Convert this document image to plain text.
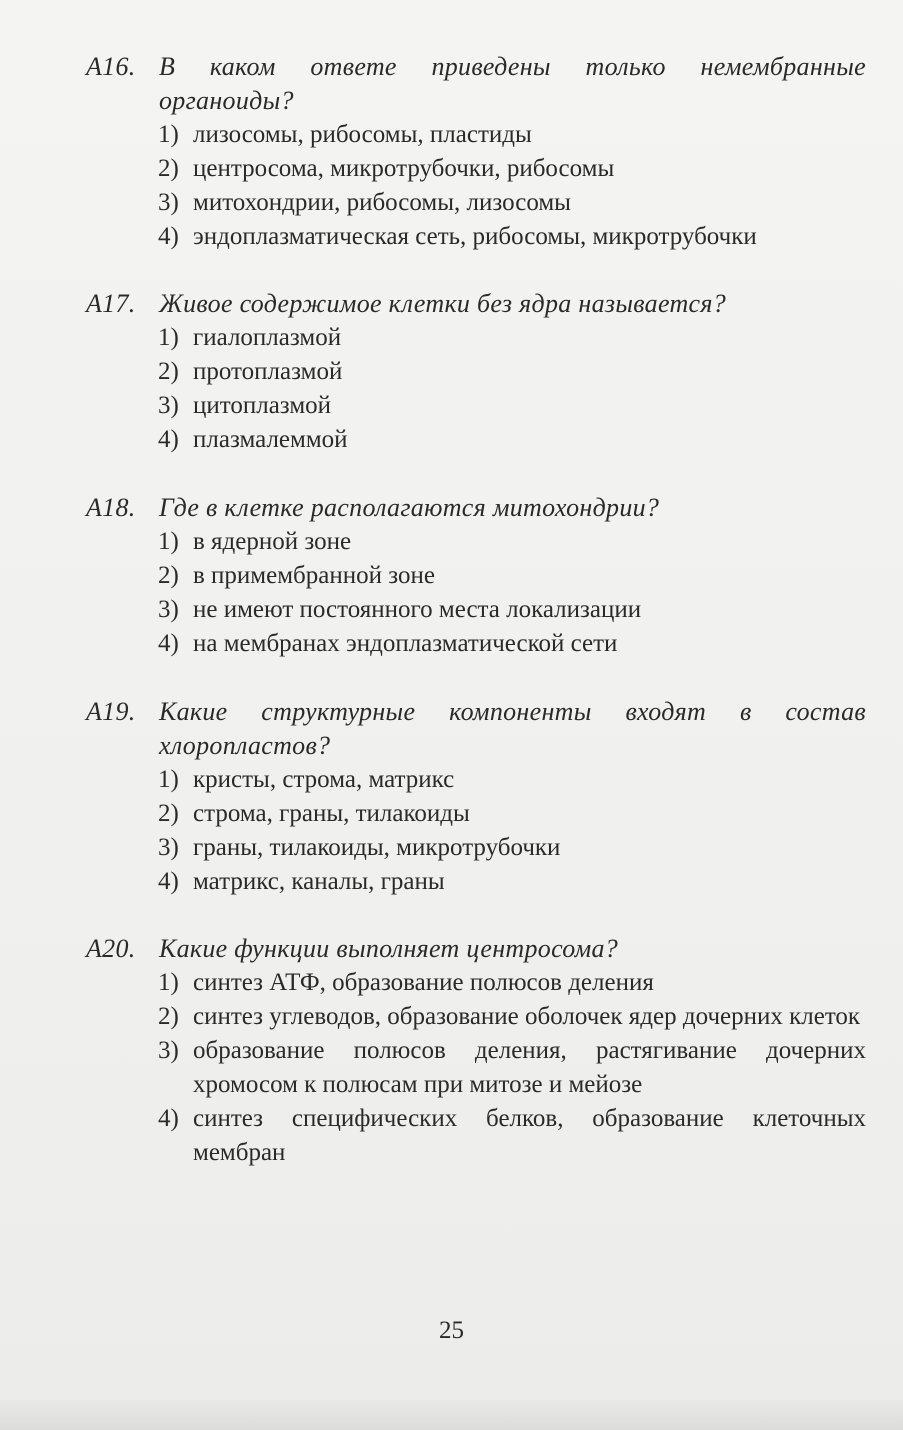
A16. В каком ответе приведены только немембранные органоиды?
1) лизосомы, рибосомы, пластиды
2) центросома, микротрубочки, рибосомы
3) митохондрии, рибосомы, лизосомы
4) эндоплазматическая сеть, рибосомы, микротрубочки
A17. Живое содержимое клетки без ядра называется?
1) гиалоплазмой
2) протоплазмой
3) цитоплазмой
4) плазмалеммой
A18. Где в клетке располагаются митохондрии?
1) в ядерной зоне
2) в примембранной зоне
3) не имеют постоянного места локализации
4) на мембранах эндоплазматической сети
A19. Какие структурные компоненты входят в состав хлоропластов?
1) кристы, строма, матрикс
2) строма, граны, тилакоиды
3) граны, тилакоиды, микротрубочки
4) матрикс, каналы, граны
A20. Какие функции выполняет центросома?
1) синтез АТФ, образование полюсов деления
2) синтез углеводов, образование оболочек ядер дочерних клеток
3) образование полюсов деления, растягивание дочерних хромосом к полюсам при митозе и мейозе
4) синтез специфических белков, образование клеточных мембран
25
